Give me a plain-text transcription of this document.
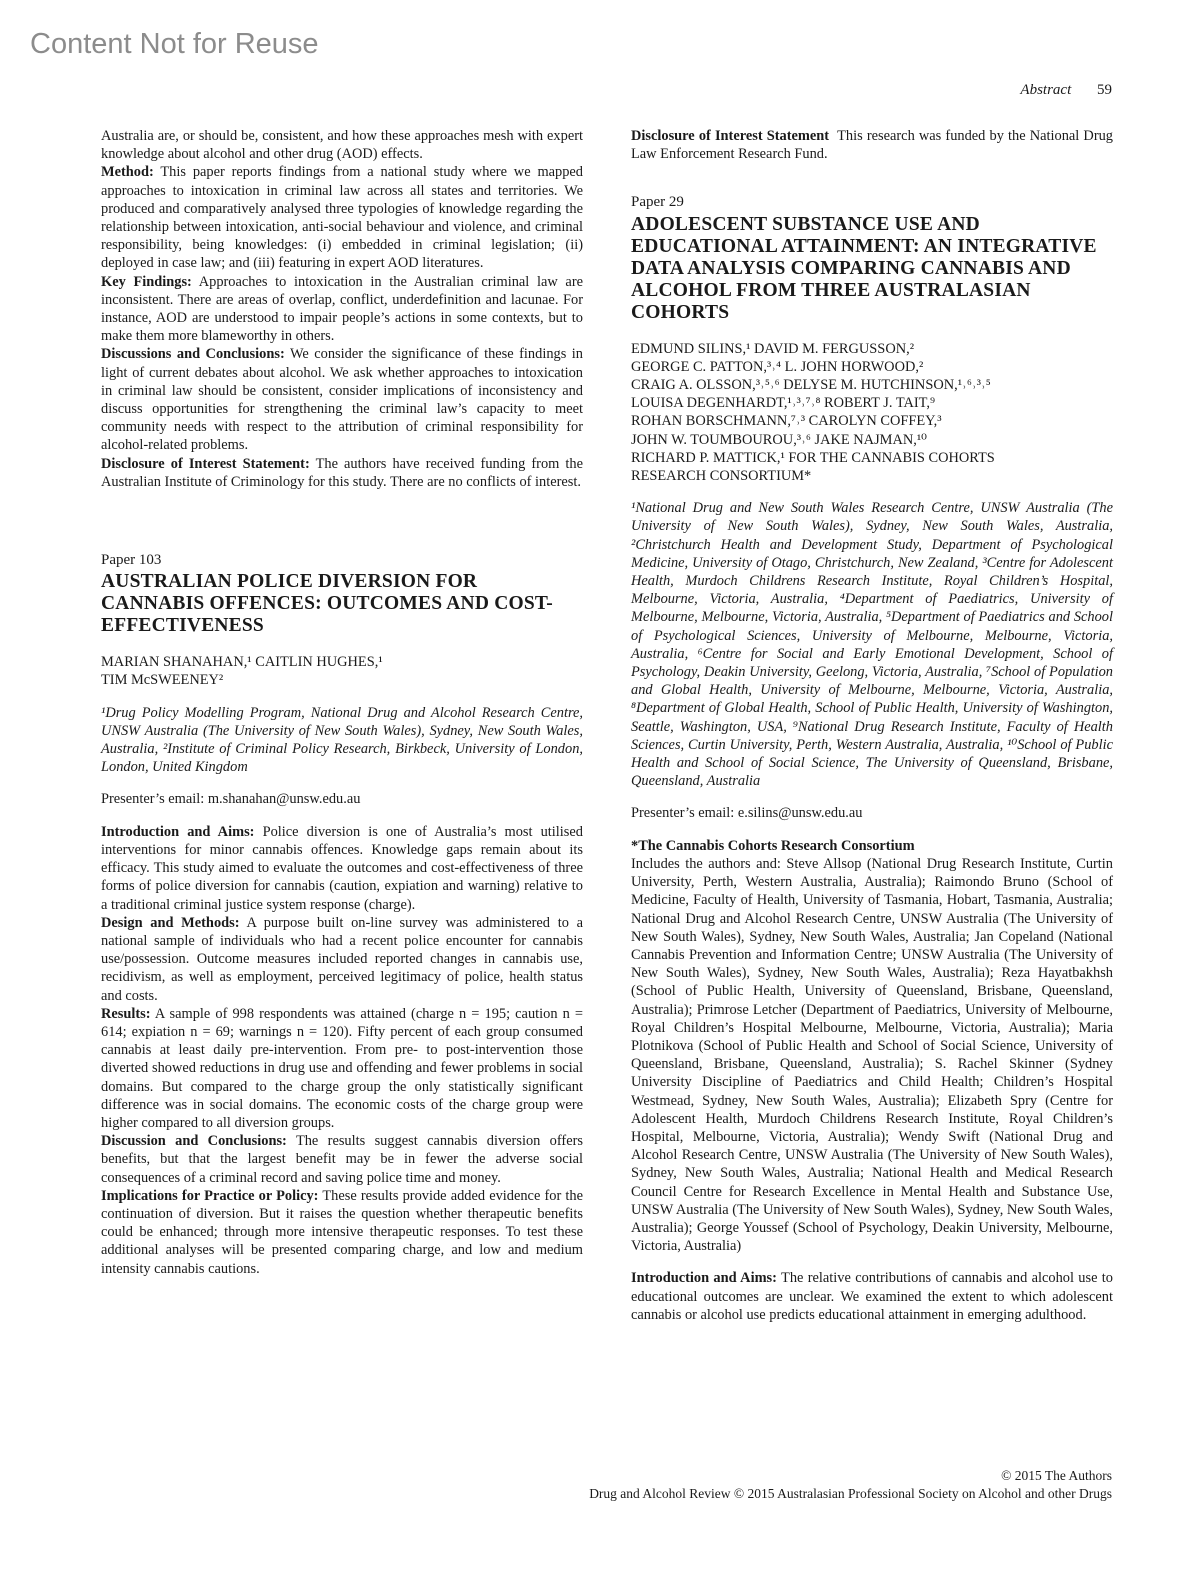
Content Not for Reuse
Abstract 59

Australia are, or should be, consistent, and how these approaches mesh with expert knowledge about alcohol and other drug (AOD) effects.

Method: This paper reports findings from a national study where we mapped approaches to intoxication in criminal law across all states and territories. We produced and comparatively analysed three typologies of knowledge regarding the relationship between intoxication, anti-social behaviour and violence, and criminal responsibility, being knowledges: (i) embedded in criminal legislation; (ii) deployed in case law; and (iii) featuring in expert AOD literatures.

Key Findings: Approaches to intoxication in the Australian criminal law are inconsistent. There are areas of overlap, conflict, underdefinition and lacunae. For instance, AOD are understood to impair people’s actions in some contexts, but to make them more blameworthy in others.

Discussions and Conclusions: We consider the significance of these findings in light of current debates about alcohol. We ask whether approaches to intoxication in criminal law should be consistent, consider implications of inconsistency and discuss opportunities for strengthening the criminal law’s capacity to meet community needs with respect to the attribution of criminal responsibility for alcohol-related problems.

Disclosure of Interest Statement: The authors have received funding from the Australian Institute of Criminology for this study. There are no conflicts of interest.

Paper 103

AUSTRALIAN POLICE DIVERSION FOR CANNABIS OFFENCES: OUTCOMES AND COST-EFFECTIVENESS
MARIAN SHANAHAN,¹ CAITLIN HUGHES,¹
TIM McSWEENEY²

¹Drug Policy Modelling Program, National Drug and Alcohol Research Centre, UNSW Australia (The University of New South Wales), Sydney, New South Wales, Australia, ²Institute of Criminal Policy Research, Birkbeck, University of London, London, United Kingdom

Presenter’s email: m.shanahan@unsw.edu.au

Introduction and Aims: Police diversion is one of Australia’s most utilised interventions for minor cannabis offences. Knowledge gaps remain about its efficacy. This study aimed to evaluate the outcomes and cost-effectiveness of three forms of police diversion for cannabis (caution, expiation and warning) relative to a traditional criminal justice system response (charge).

Design and Methods: A purpose built on-line survey was administered to a national sample of individuals who had a recent police encounter for cannabis use/possession. Outcome measures included reported changes in cannabis use, recidivism, as well as employment, perceived legitimacy of police, health status and costs.

Results: A sample of 998 respondents was attained (charge n = 195; caution n = 614; expiation n = 69; warnings n = 120). Fifty percent of each group consumed cannabis at least daily pre-intervention. From pre- to post-intervention those diverted showed reductions in drug use and offending and fewer problems in social domains. But compared to the charge group the only statistically significant difference was in social domains. The economic costs of the charge group were higher compared to all diversion groups.

Discussion and Conclusions: The results suggest cannabis diversion offers benefits, but that the largest benefit may be in fewer the adverse social consequences of a criminal record and saving police time and money.

Implications for Practice or Policy: These results provide added evidence for the continuation of diversion. But it raises the question whether therapeutic benefits could be enhanced; through more intensive therapeutic responses. To test these additional analyses will be presented comparing charge, and low and medium intensity cannabis cautions.

Disclosure of Interest Statement This research was funded by the National Drug Law Enforcement Research Fund.

Paper 29

ADOLESCENT SUBSTANCE USE AND EDUCATIONAL ATTAINMENT: AN INTEGRATIVE DATA ANALYSIS COMPARING CANNABIS AND ALCOHOL FROM THREE AUSTRALASIAN COHORTS
EDMUND SILINS,¹ DAVID M. FERGUSSON,²
GEORGE C. PATTON,³˒⁴ L. JOHN HORWOOD,²
CRAIG A. OLSSON,³˒⁵˒⁶ DELYSE M. HUTCHINSON,¹˒⁶˒³˒⁵
LOUISA DEGENHARDT,¹˒³˒⁷˒⁸ ROBERT J. TAIT,⁹
ROHAN BORSCHMANN,⁷˒³ CAROLYN COFFEY,³
JOHN W. TOUMBOUROU,³˒⁶ JAKE NAJMAN,¹⁰
RICHARD P. MATTICK,¹ FOR THE CANNABIS COHORTS
RESEARCH CONSORTIUM*

¹National Drug and New South Wales Research Centre, UNSW Australia (The University of New South Wales), Sydney, New South Wales, Australia, ²Christchurch Health and Development Study, Department of Psychological Medicine, University of Otago, Christchurch, New Zealand, ³Centre for Adolescent Health, Murdoch Childrens Research Institute, Royal Children’s Hospital, Melbourne, Victoria, Australia, ⁴Department of Paediatrics, University of Melbourne, Melbourne, Victoria, Australia, ⁵Department of Paediatrics and School of Psychological Sciences, University of Melbourne, Melbourne, Victoria, Australia, ⁶Centre for Social and Early Emotional Development, School of Psychology, Deakin University, Geelong, Victoria, Australia, ⁷School of Population and Global Health, University of Melbourne, Melbourne, Victoria, Australia, ⁸Department of Global Health, School of Public Health, University of Washington, Seattle, Washington, USA, ⁹National Drug Research Institute, Faculty of Health Sciences, Curtin University, Perth, Western Australia, Australia, ¹⁰School of Public Health and School of Social Science, The University of Queensland, Brisbane, Queensland, Australia

Presenter’s email: e.silins@unsw.edu.au

*The Cannabis Cohorts Research Consortium

Includes the authors and: Steve Allsop (National Drug Research Institute, Curtin University, Perth, Western Australia, Australia); Raimondo Bruno (School of Medicine, Faculty of Health, University of Tasmania, Hobart, Tasmania, Australia; National Drug and Alcohol Research Centre, UNSW Australia (The University of New South Wales), Sydney, New South Wales, Australia; Jan Copeland (National Cannabis Prevention and Information Centre; UNSW Australia (The University of New South Wales), Sydney, New South Wales, Australia); Reza Hayatbakhsh (School of Public Health, University of Queensland, Brisbane, Queensland, Australia); Primrose Letcher (Department of Paediatrics, University of Melbourne, Royal Children’s Hospital Melbourne, Melbourne, Victoria, Australia); Maria Plotnikova (School of Public Health and School of Social Science, University of Queensland, Brisbane, Queensland, Australia); S. Rachel Skinner (Sydney University Discipline of Paediatrics and Child Health; Children’s Hospital Westmead, Sydney, New South Wales, Australia); Elizabeth Spry (Centre for Adolescent Health, Murdoch Childrens Research Institute, Royal Children’s Hospital, Melbourne, Victoria, Australia); Wendy Swift (National Drug and Alcohol Research Centre, UNSW Australia (The University of New South Wales), Sydney, New South Wales, Australia; National Health and Medical Research Council Centre for Research Excellence in Mental Health and Substance Use, UNSW Australia (The University of New South Wales), Sydney, New South Wales, Australia); George Youssef (School of Psychology, Deakin University, Melbourne, Victoria, Australia)

Introduction and Aims: The relative contributions of cannabis and alcohol use to educational outcomes are unclear. We examined the extent to which adolescent cannabis or alcohol use predicts educational attainment in emerging adulthood.

© 2015 The Authors
Drug and Alcohol Review © 2015 Australasian Professional Society on Alcohol and other Drugs
